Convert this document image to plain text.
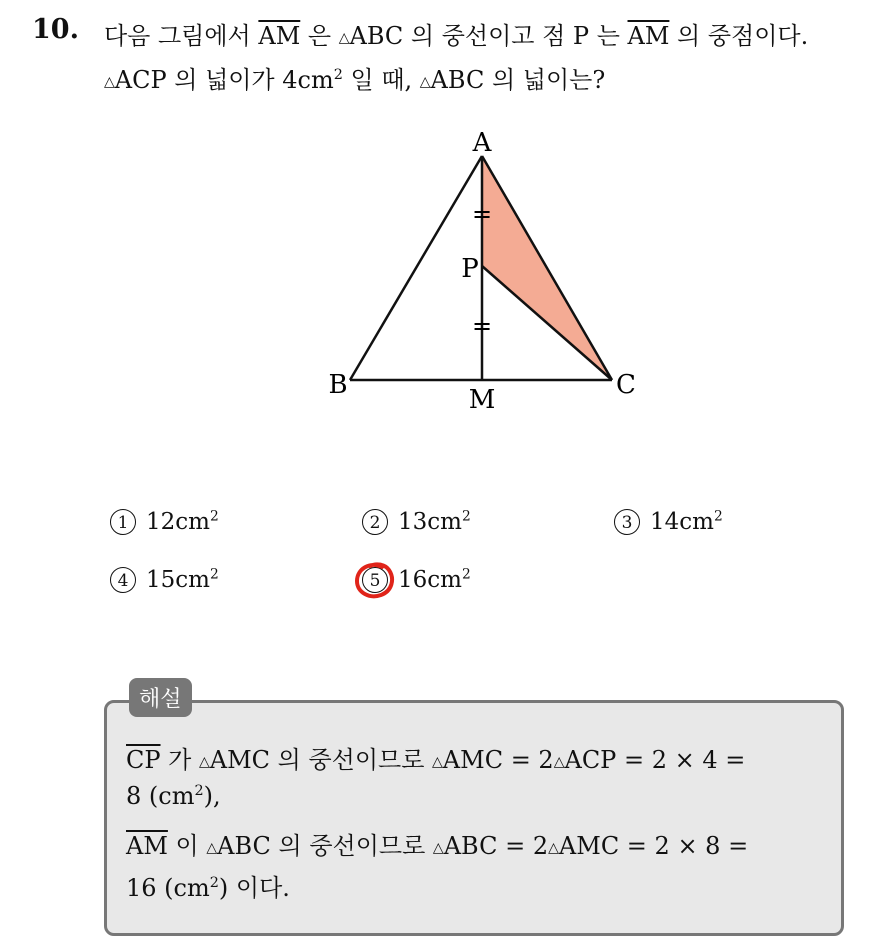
10. 다음 그림에서 $\overline{AM}$ 은 △ABC 의 중선이고 점 P 는 $\overline{AM}$ 의 중점이다.
△ACP 의 넓이가 $4cm^2$ 일 때, △ABC 의 넓이는?
=
=
A
P
B	C
M
1 $12cm^2$	2 $13cm^2$	3 $14cm^2$
4 $15cm^2$	5 $16cm^2$
해설
$\overline{CP}$ 가 △AMC 의 중선이므로 △AMC = 2△ACP = 2 × 4 =
8 $(cm^2)$,
$\overline{AM}$ 이 △ABC 의 중선이므로 △ABC = 2△AMC = 2 × 8 =
16 $(cm^2)$ 이다.
